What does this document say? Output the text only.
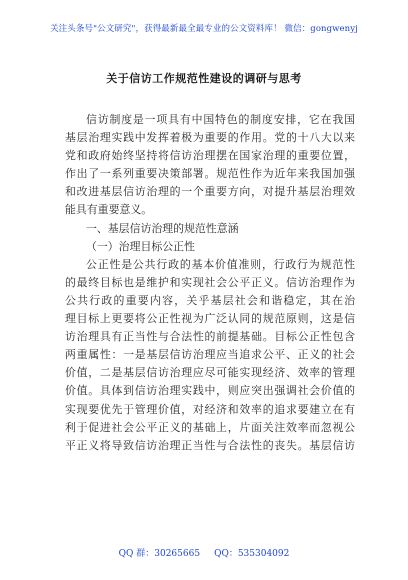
关注头条号"公文研究"，获得最新最全最专业的公文资料库！ 微信：gongwenyj
关于信访工作规范性建设的调研与思考
信访制度是一项具有中国特色的制度安排，它在我国
基层治理实践中发挥着极为重要的作用。党的十八大以来
党和政府始终坚持将信访治理摆在国家治理的重要位置，
作出了一系列重要决策部署。规范性作为近年来我国加强
和改进基层信访治理的一个重要方向，对提升基层治理效
能具有重要意义。
一、基层信访治理的规范性意涵
（一）治理目标公正性
公正性是公共行政的基本价值准则，行政行为规范性
的最终目标也是维护和实现社会公平正义。信访治理作为
公共行政的重要内容，关乎基层社会和谐稳定，其在治
理目标上更要将公正性视为广泛认同的规范原则，这是信
访治理具有正当性与合法性的前提基础。目标公正性包含
两重属性：一是基层信访治理应当追求公平、正义的社会
价值，二是基层信访治理应尽可能实现经济、效率的管理
价值。具体到信访治理实践中，则应突出强调社会价值的
实现要优先于管理价值，对经济和效率的追求要建立在有
利于促进社会公平正义的基础上，片面关注效率而忽视公
平正义将导致信访治理正当性与合法性的丧失。基层信访
QQ 群：30265665 QQ：535304092
